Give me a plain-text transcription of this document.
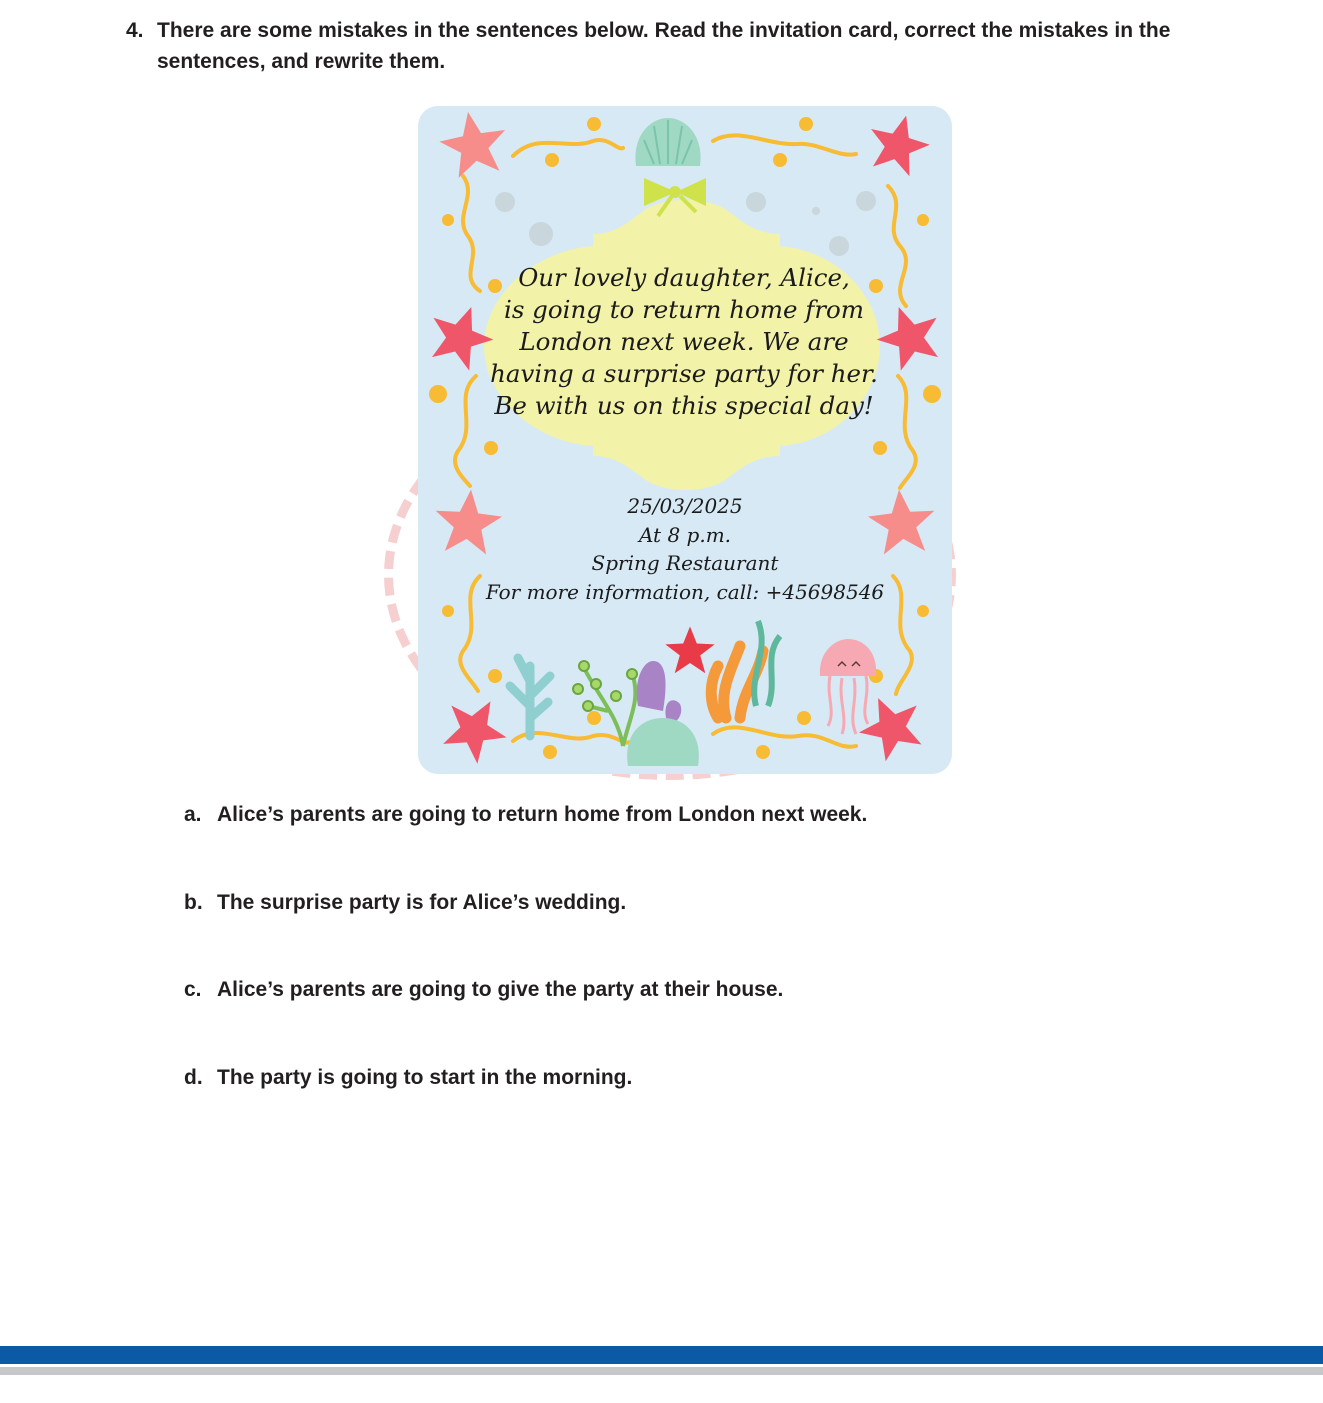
4. There are some mistakes in the sentences below. Read the invitation card, correct the mistakes in the sentences, and rewrite them.
Our lovely daughter, Alice,
is going to return home from
London next week. We are
having a surprise party for her.
Be with us on this special day!
25/03/2025
At 8 p.m.
Spring Restaurant
For more information, call: +45698546
a. Alice’s parents are going to return home from London next week.
b. The surprise party is for Alice’s wedding.
c. Alice’s parents are going to give the party at their house.
d. The party is going to start in the morning.
